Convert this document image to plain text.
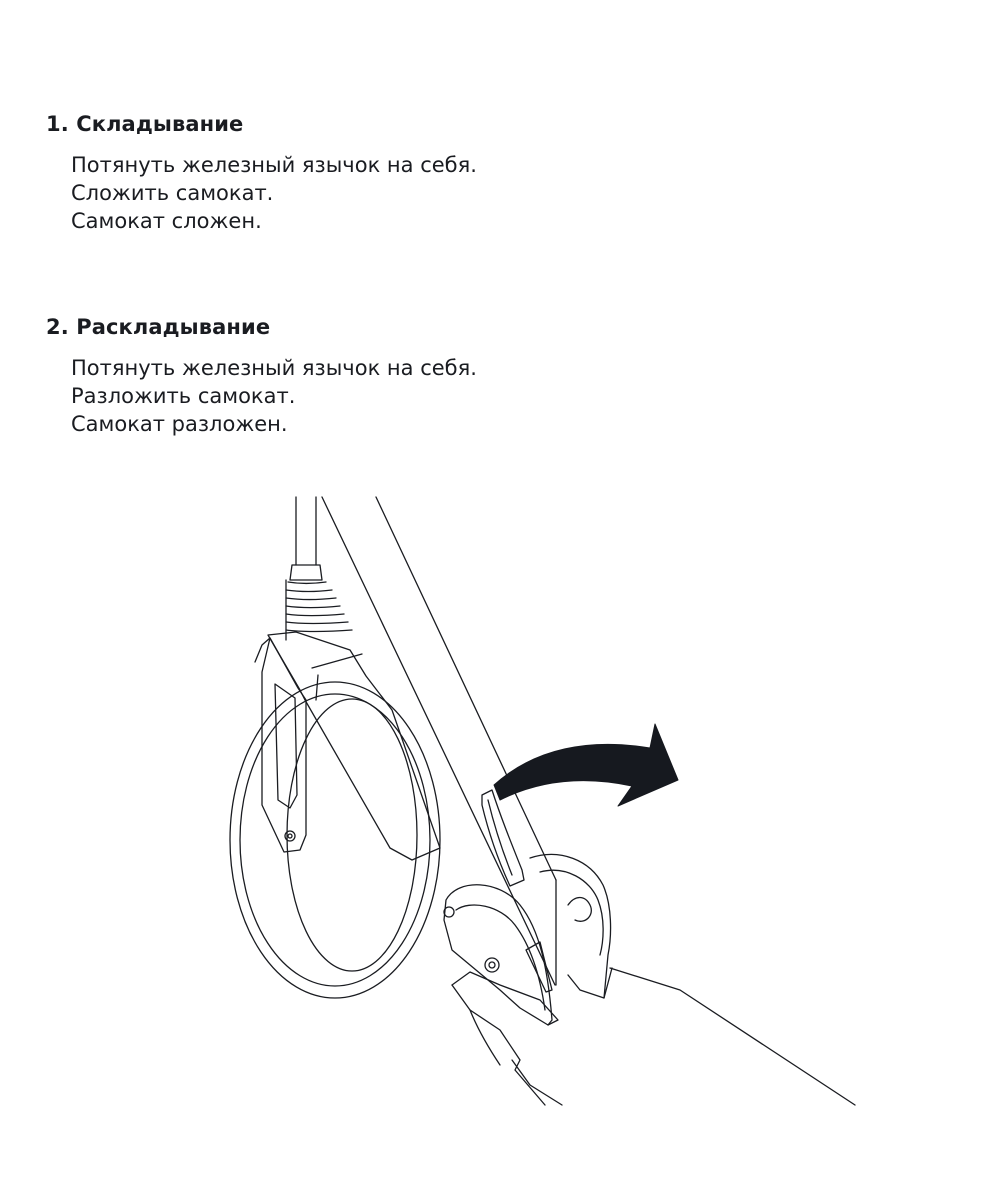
1. Складывание
Потянуть железный язычок на себя.
Сложить самокат.
Самокат сложен.
2. Раскладывание
Потянуть железный язычок на себя.
Разложить самокат.
Самокат разложен.
